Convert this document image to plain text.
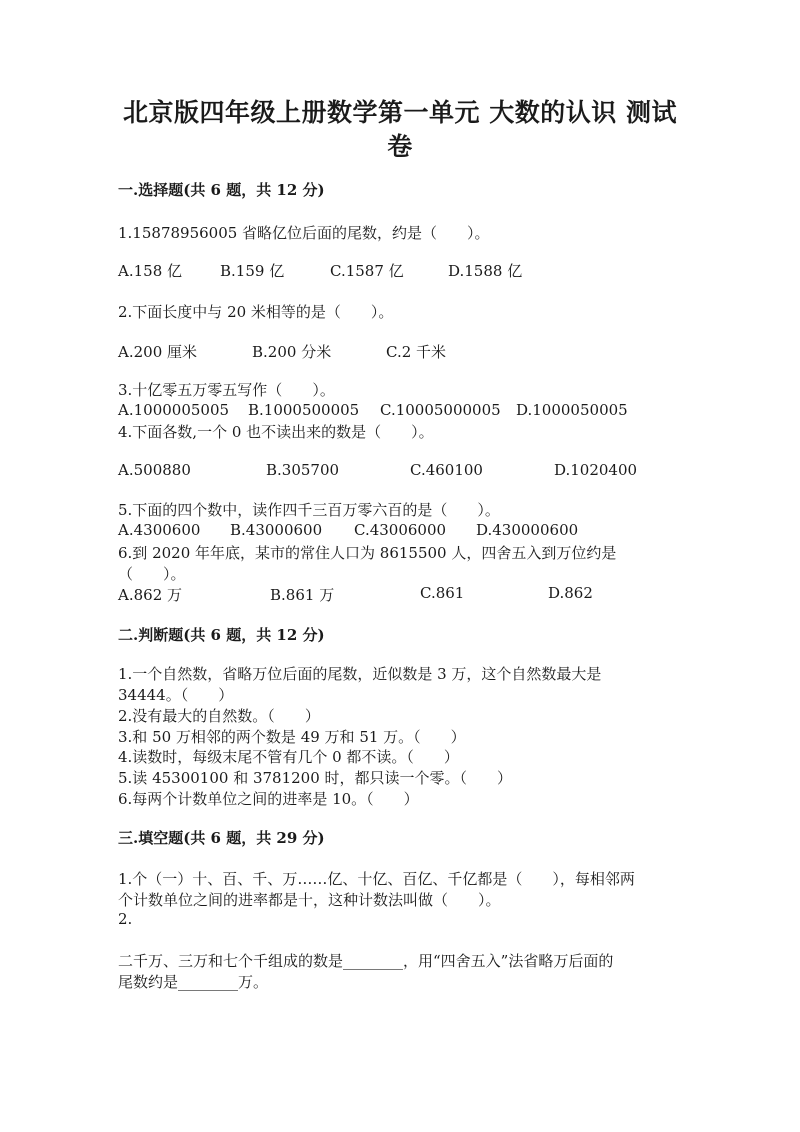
北京版四年级上册数学第一单元 大数的认识 测试
卷
一.选择题(共 6 题，共 12 分)
1.15878956005 省略亿位后面的尾数，约是（　　）。
A.158 亿	B.159 亿	C.1587 亿	D.1588 亿
2.下面长度中与 20 米相等的是（　　）。
A.200 厘米	B.200 分米	C.2 千米
3.十亿零五万零五写作（　　）。
A.1000005005 B.1000500005 C.10005000005 D.1000050005
4.下面各数,一个 0 也不读出来的数是（　　）。
A.500880	B.305700	C.460100	D.1020400
5.下面的四个数中，读作四千三百万零六百的是（　　）。
A.4300600 B.43000600 C.43006000 D.430000600
6.到 2020 年年底，某市的常住人口为 8615500 人，四舍五入到万位约是
（　　）。
A.862 万	B.861 万	C.861	D.862
二.判断题(共 6 题，共 12 分)
1.一个自然数，省略万位后面的尾数，近似数是 3 万，这个自然数最大是
34444。（　　）
2.没有最大的自然数。（　　）
3.和 50 万相邻的两个数是 49 万和 51 万。（　　）
4.读数时，每级末尾不管有几个 0 都不读。（　　）
5.读 45300100 和 3781200 时，都只读一个零。（　　）
6.每两个计数单位之间的进率是 10。（　　）
三.填空题(共 6 题，共 29 分)
1.个（一）十、百、千、万……亿、十亿、百亿、千亿都是（　　），每相邻两
个计数单位之间的进率都是十，这种计数法叫做（　　）。
2.
二千万、三万和七个千组成的数是________，用“四舍五入”法省略万后面的
尾数约是________万。
